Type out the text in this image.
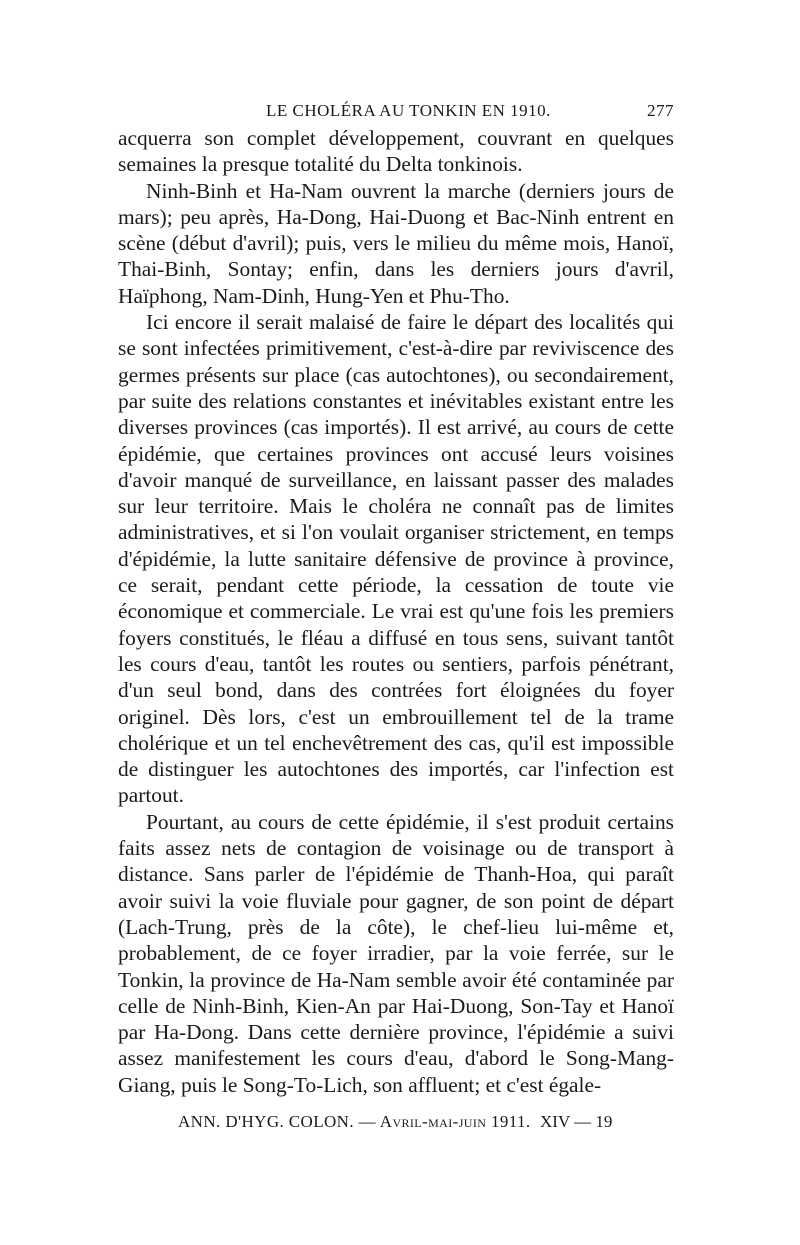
LE CHOLÉRA AU TONKIN EN 1910.	277

acquerra son complet développement, couvrant en quelques semaines la presque totalité du Delta tonkinois.

Ninh-Binh et Ha-Nam ouvrent la marche (derniers jours de mars); peu après, Ha-Dong, Hai-Duong et Bac-Ninh entrent en scène (début d'avril); puis, vers le milieu du même mois, Hanoï, Thai-Binh, Sontay; enfin, dans les derniers jours d'avril, Haïphong, Nam-Dinh, Hung-Yen et Phu-Tho.

Ici encore il serait malaisé de faire le départ des localités qui se sont infectées primitivement, c'est-à-dire par reviviscence des germes présents sur place (cas autochtones), ou secondairement, par suite des relations constantes et inévitables existant entre les diverses provinces (cas importés). Il est arrivé, au cours de cette épidémie, que certaines provinces ont accusé leurs voisines d'avoir manqué de surveillance, en laissant passer des malades sur leur territoire. Mais le choléra ne connaît pas de limites administratives, et si l'on voulait organiser strictement, en temps d'épidémie, la lutte sanitaire défensive de province à province, ce serait, pendant cette période, la cessation de toute vie économique et commerciale. Le vrai est qu'une fois les premiers foyers constitués, le fléau a diffusé en tous sens, suivant tantôt les cours d'eau, tantôt les routes ou sentiers, parfois pénétrant, d'un seul bond, dans des contrées fort éloignées du foyer originel. Dès lors, c'est un embrouillement tel de la trame cholérique et un tel enchevêtrement des cas, qu'il est impossible de distinguer les autochtones des importés, car l'infection est partout.

Pourtant, au cours de cette épidémie, il s'est produit certains faits assez nets de contagion de voisinage ou de transport à distance. Sans parler de l'épidémie de Thanh-Hoa, qui paraît avoir suivi la voie fluviale pour gagner, de son point de départ (Lach-Trung, près de la côte), le chef-lieu lui-même et, probablement, de ce foyer irradier, par la voie ferrée, sur le Tonkin, la province de Ha-Nam semble avoir été contaminée par celle de Ninh-Binh, Kien-An par Hai-Duong, Son-Tay et Hanoï par Ha-Dong. Dans cette dernière province, l'épidémie a suivi assez manifestement les cours d'eau, d'abord le Song-Mang-Giang, puis le Song-To-Lich, son affluent; et c'est égale-

ANN. D'HYG. COLON. — Avril-mai-juin 1911. XIV — 19
